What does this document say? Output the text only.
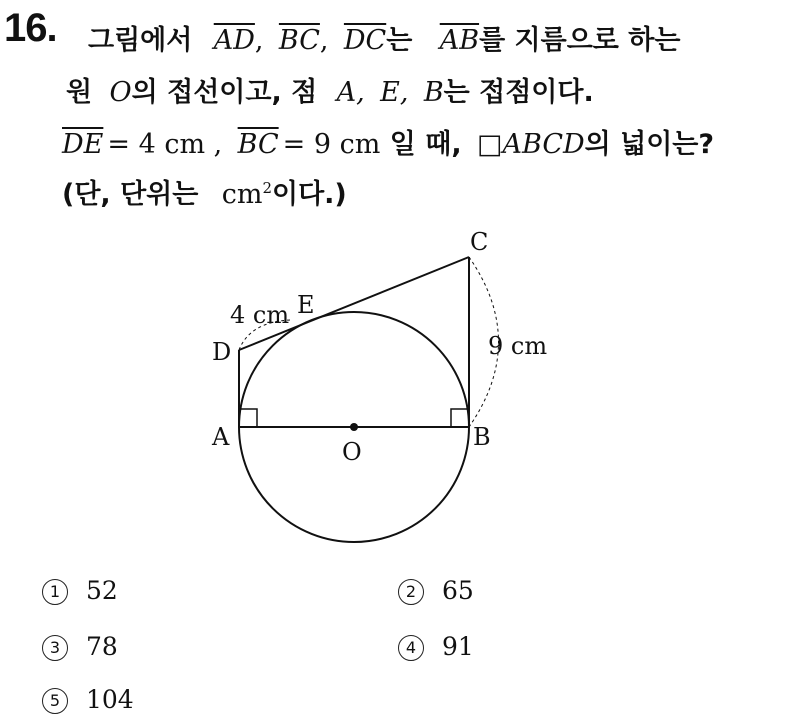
16. 그림에서 $\overline{AD}$, $\overline{BC}$, $\overline{DC}$는 $\overline{AB}$를 지름으로 하는
원 O의 접선이고, 점 A, E, B는 접점이다.
$\overline{DE} = 4$ cm , $\overline{BC} = 9$ cm 일 때, □ABCD의 넓이는?
(단, 단위는 $cm^2$이다.)
A	B
C
D
E
O
4 cm
9 cm
1 52	2 65
3 78	4 91
5 104
